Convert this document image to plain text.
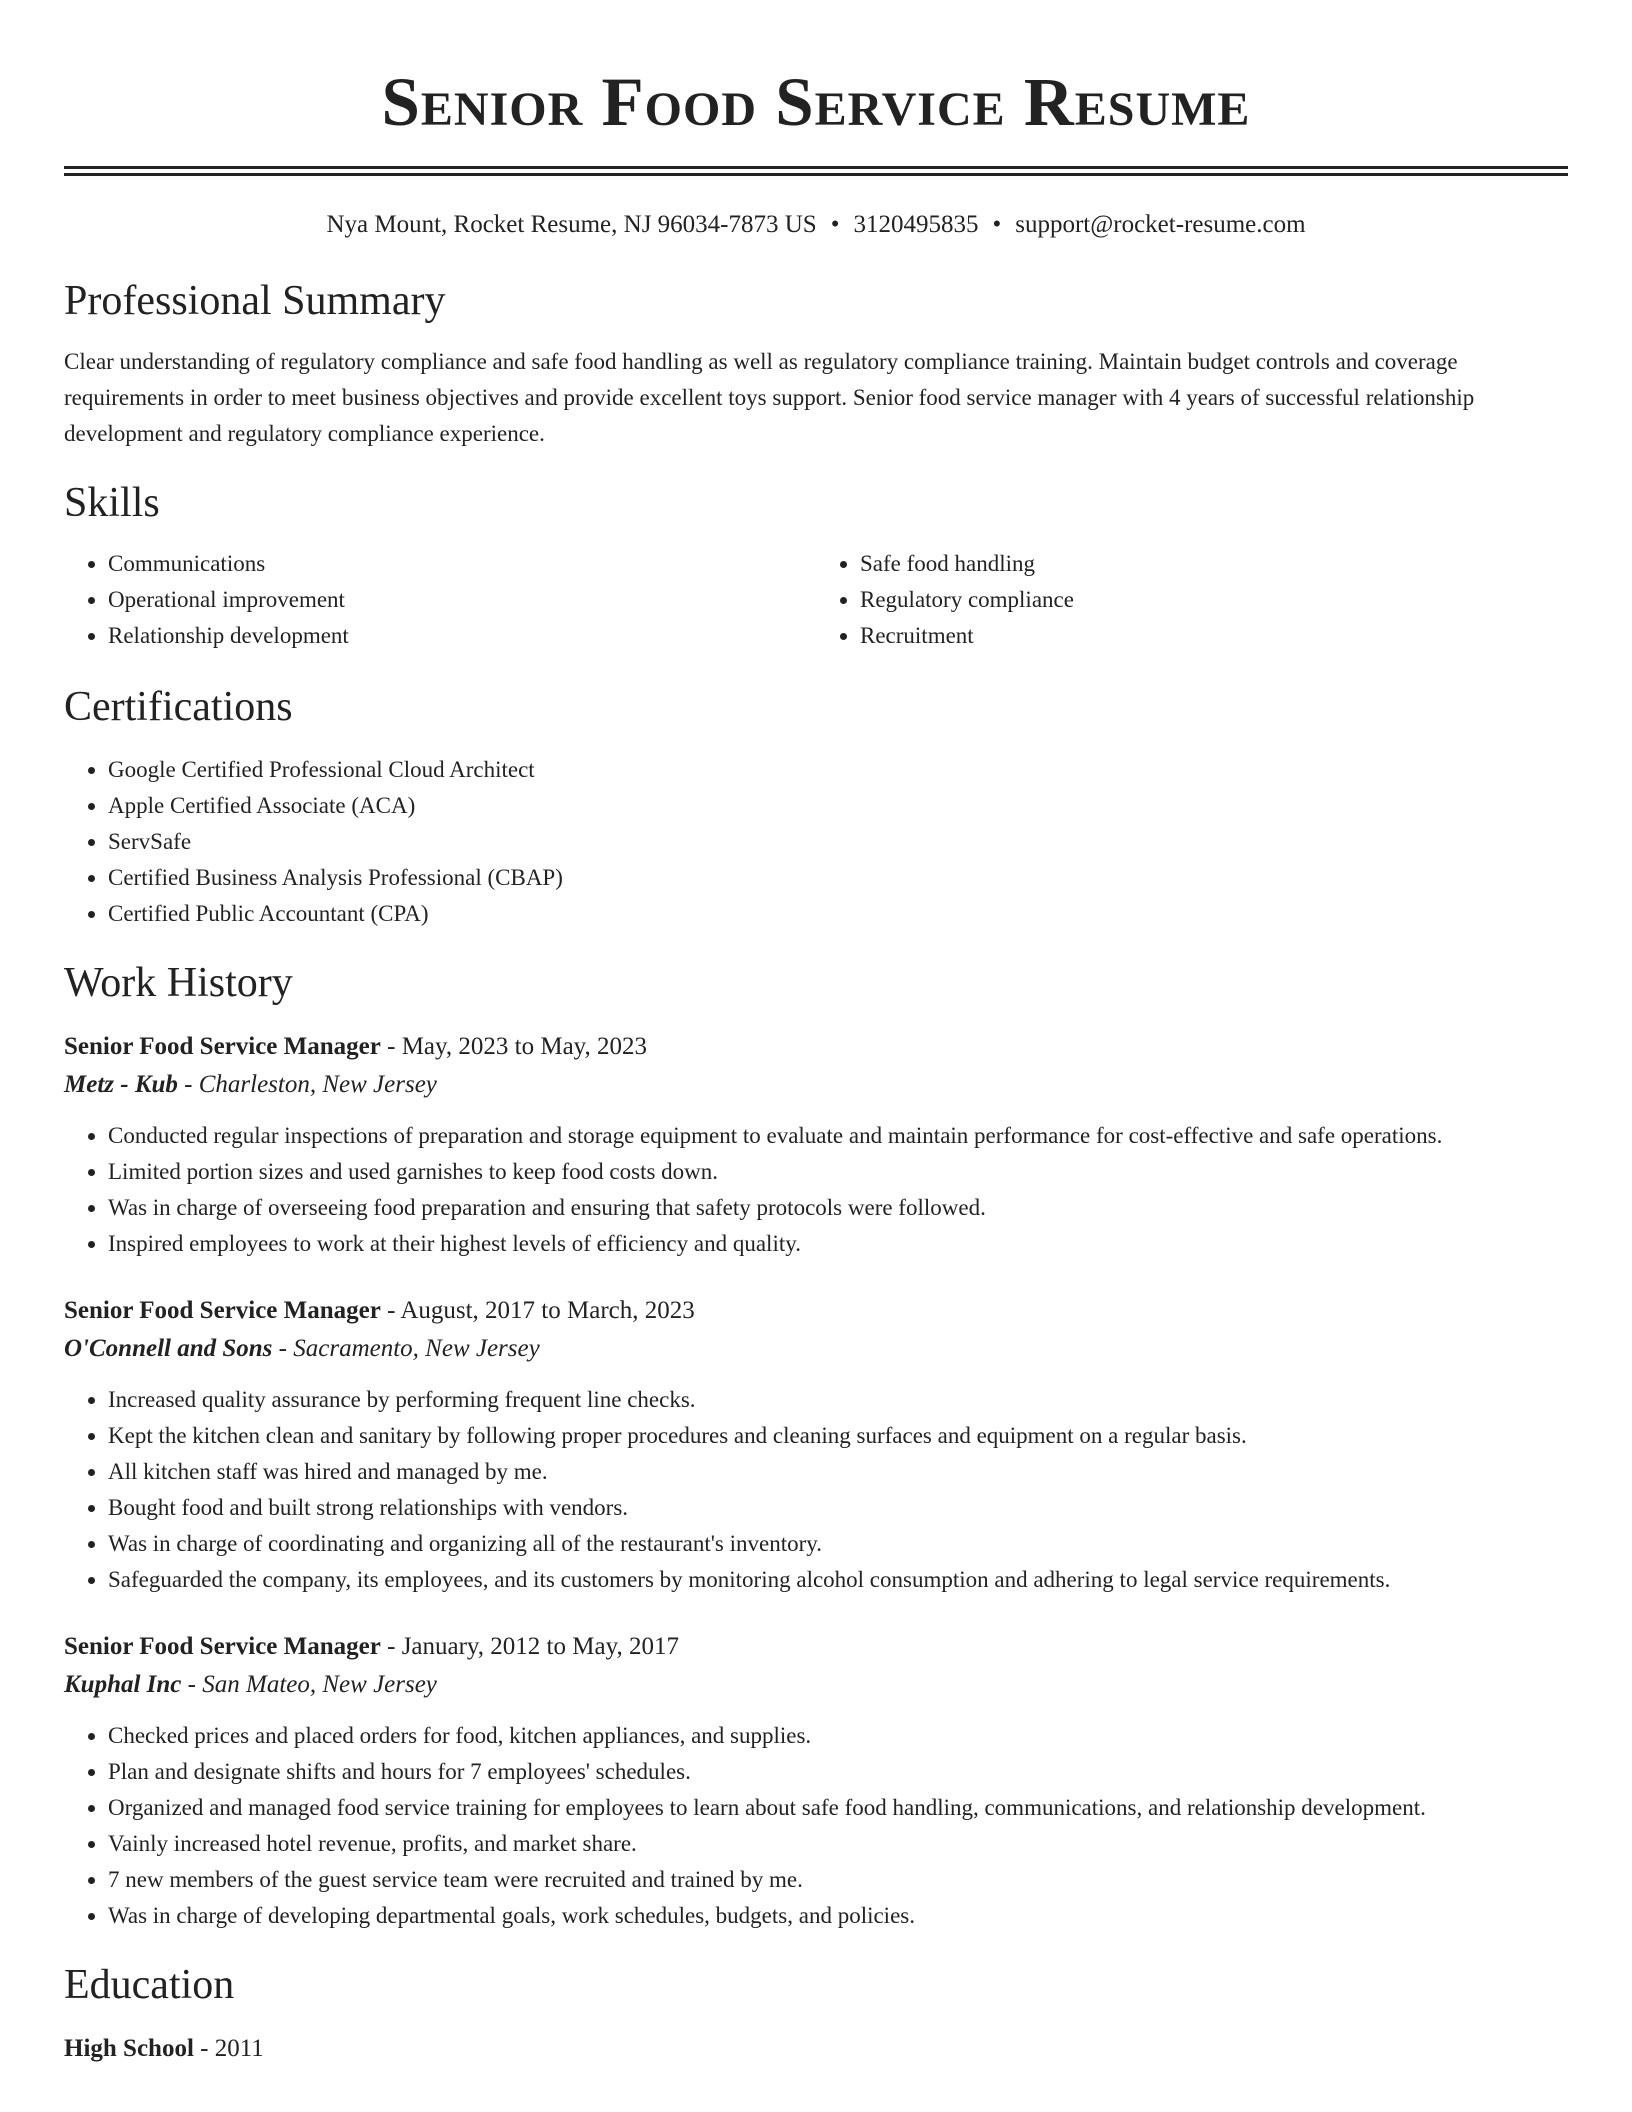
Senior Food Service Resume
Nya Mount, Rocket Resume, NJ 96034-7873 US • 3120495835 • support@rocket-resume.com
Professional Summary

Clear understanding of regulatory compliance and safe food handling as well as regulatory compliance training. Maintain budget controls and coverage requirements in order to meet business objectives and provide excellent toys support. Senior food service manager with 4 years of successful relationship development and regulatory compliance experience.

Skills
• Communications
• Operational improvement
• Relationship development
• Safe food handling
• Regulatory compliance
• Recruitment
Certifications
• Google Certified Professional Cloud Architect
• Apple Certified Associate (ACA)
• ServSafe
• Certified Business Analysis Professional (CBAP)
• Certified Public Accountant (CPA)
Work History
Senior Food Service Manager - May, 2023 to May, 2023
Metz - Kub - Charleston, New Jersey
• Conducted regular inspections of preparation and storage equipment to evaluate and maintain performance for cost-effective and safe operations.
• Limited portion sizes and used garnishes to keep food costs down.
• Was in charge of overseeing food preparation and ensuring that safety protocols were followed.
• Inspired employees to work at their highest levels of efficiency and quality.
Senior Food Service Manager - August, 2017 to March, 2023
O'Connell and Sons - Sacramento, New Jersey
• Increased quality assurance by performing frequent line checks.
• Kept the kitchen clean and sanitary by following proper procedures and cleaning surfaces and equipment on a regular basis.
• All kitchen staff was hired and managed by me.
• Bought food and built strong relationships with vendors.
• Was in charge of coordinating and organizing all of the restaurant's inventory.
• Safeguarded the company, its employees, and its customers by monitoring alcohol consumption and adhering to legal service requirements.
Senior Food Service Manager - January, 2012 to May, 2017
Kuphal Inc - San Mateo, New Jersey
• Checked prices and placed orders for food, kitchen appliances, and supplies.
• Plan and designate shifts and hours for 7 employees' schedules.
• Organized and managed food service training for employees to learn about safe food handling, communications, and relationship development.
• Vainly increased hotel revenue, profits, and market share.
• 7 new members of the guest service team were recruited and trained by me.
• Was in charge of developing departmental goals, work schedules, budgets, and policies.
Education
High School - 2011
